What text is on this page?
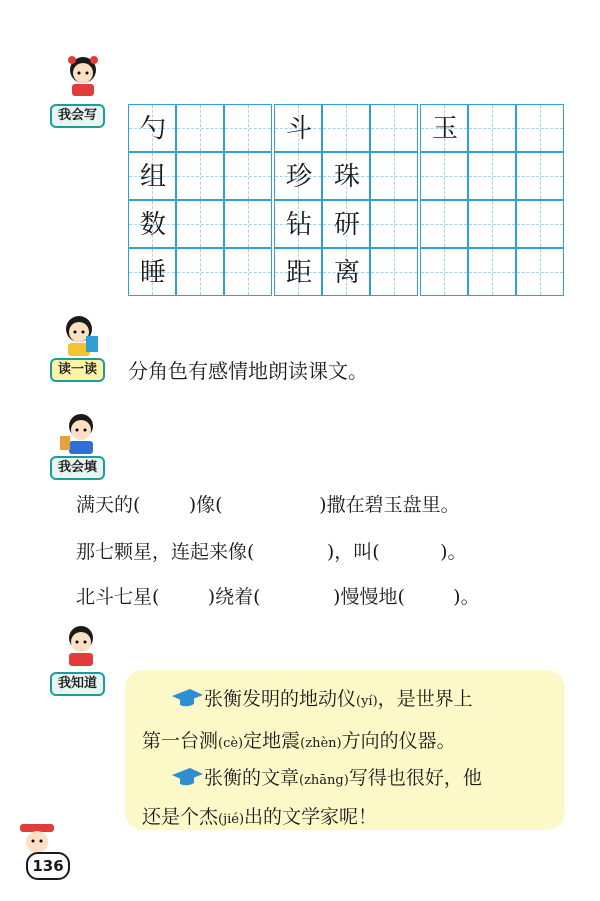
我会写	勺	斗	玉
组	珍 珠
数	钻 研
睡	距 离
读一读	分角色有感情地朗读课文。
我会填
满天的(        )像(                )撒在碧玉盘里。
那七颗星，连起来像(            )，叫(          )。
北斗七星(        )绕着(            )慢慢地(        )。
我知道
张衡发明的地动仪(yí)，是世界上
第一台测(cè)定地震(zhèn)方向的仪器。
张衡的文章(zhāng)写得也很好，他
还是个杰(jié)出的文学家呢！
136
